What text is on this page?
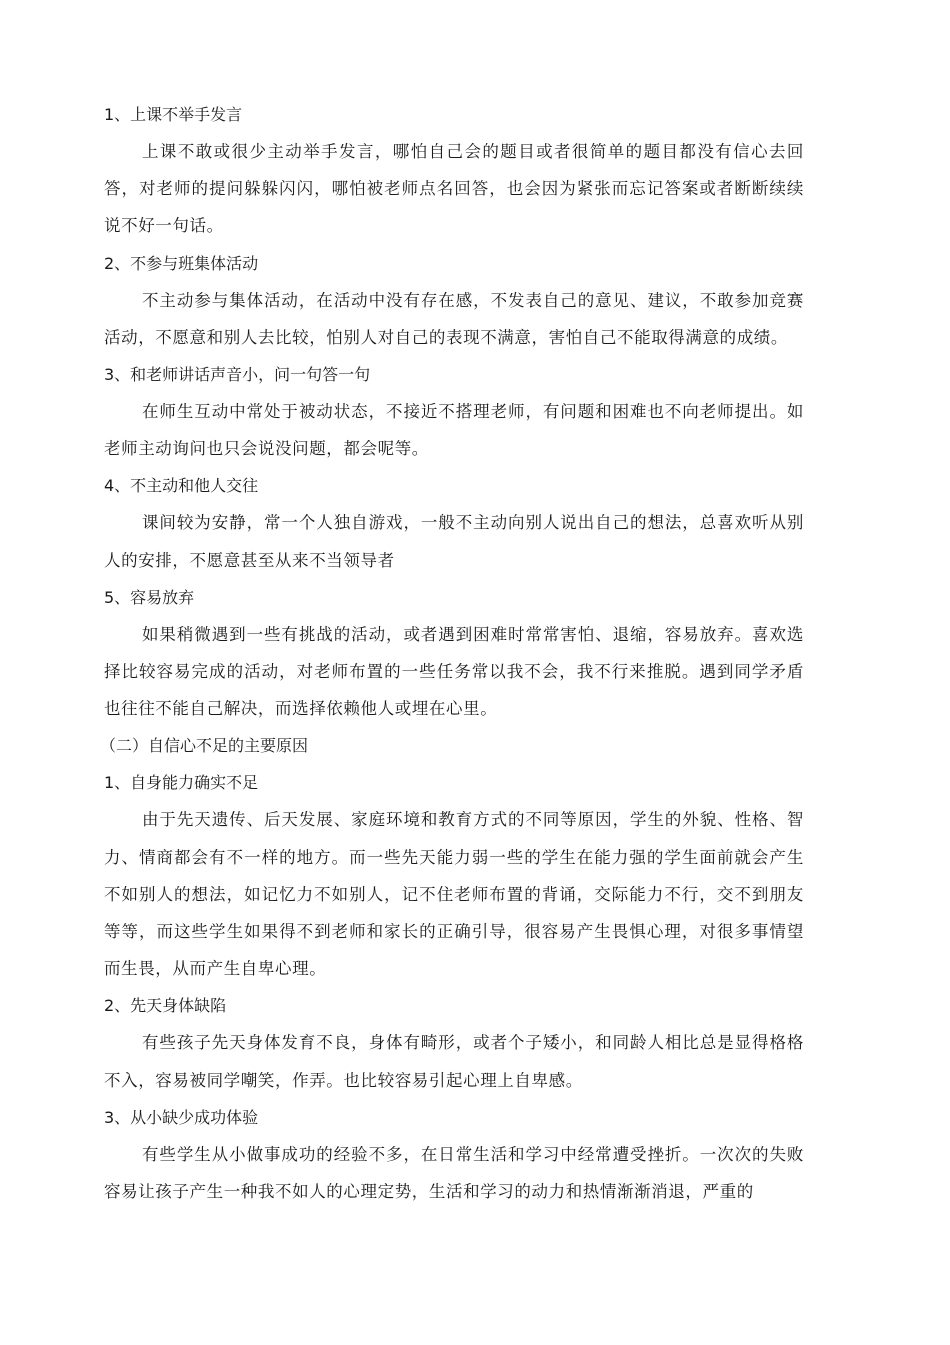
1、上课不举手发言

上课不敢或很少主动举手发言，哪怕自己会的题目或者很简单的题目都没有信心去回答，对老师的提问躲躲闪闪，哪怕被老师点名回答，也会因为紧张而忘记答案或者断断续续说不好一句话。

2、不参与班集体活动

不主动参与集体活动，在活动中没有存在感，不发表自己的意见、建议，不敢参加竞赛活动，不愿意和别人去比较，怕别人对自己的表现不满意，害怕自己不能取得满意的成绩。

3、和老师讲话声音小，问一句答一句

在师生互动中常处于被动状态，不接近不搭理老师，有问题和困难也不向老师提出。如老师主动询问也只会说没问题，都会呢等。

4、不主动和他人交往

课间较为安静，常一个人独自游戏，一般不主动向别人说出自己的想法，总喜欢听从别人的安排，不愿意甚至从来不当领导者

5、容易放弃

如果稍微遇到一些有挑战的活动，或者遇到困难时常常害怕、退缩，容易放弃。喜欢选择比较容易完成的活动，对老师布置的一些任务常以我不会，我不行来推脱。遇到同学矛盾也往往不能自己解决，而选择依赖他人或埋在心里。

（二）自信心不足的主要原因

1、自身能力确实不足

由于先天遗传、后天发展、家庭环境和教育方式的不同等原因，学生的外貌、性格、智力、情商都会有不一样的地方。而一些先天能力弱一些的学生在能力强的学生面前就会产生不如别人的想法，如记忆力不如别人，记不住老师布置的背诵，交际能力不行，交不到朋友等等，而这些学生如果得不到老师和家长的正确引导，很容易产生畏惧心理，对很多事情望而生畏，从而产生自卑心理。

2、先天身体缺陷

有些孩子先天身体发育不良，身体有畸形，或者个子矮小，和同龄人相比总是显得格格不入，容易被同学嘲笑，作弄。也比较容易引起心理上自卑感。

3、从小缺少成功体验

有些学生从小做事成功的经验不多，在日常生活和学习中经常遭受挫折。一次次的失败容易让孩子产生一种我不如人的心理定势，生活和学习的动力和热情渐渐消退，严重的
